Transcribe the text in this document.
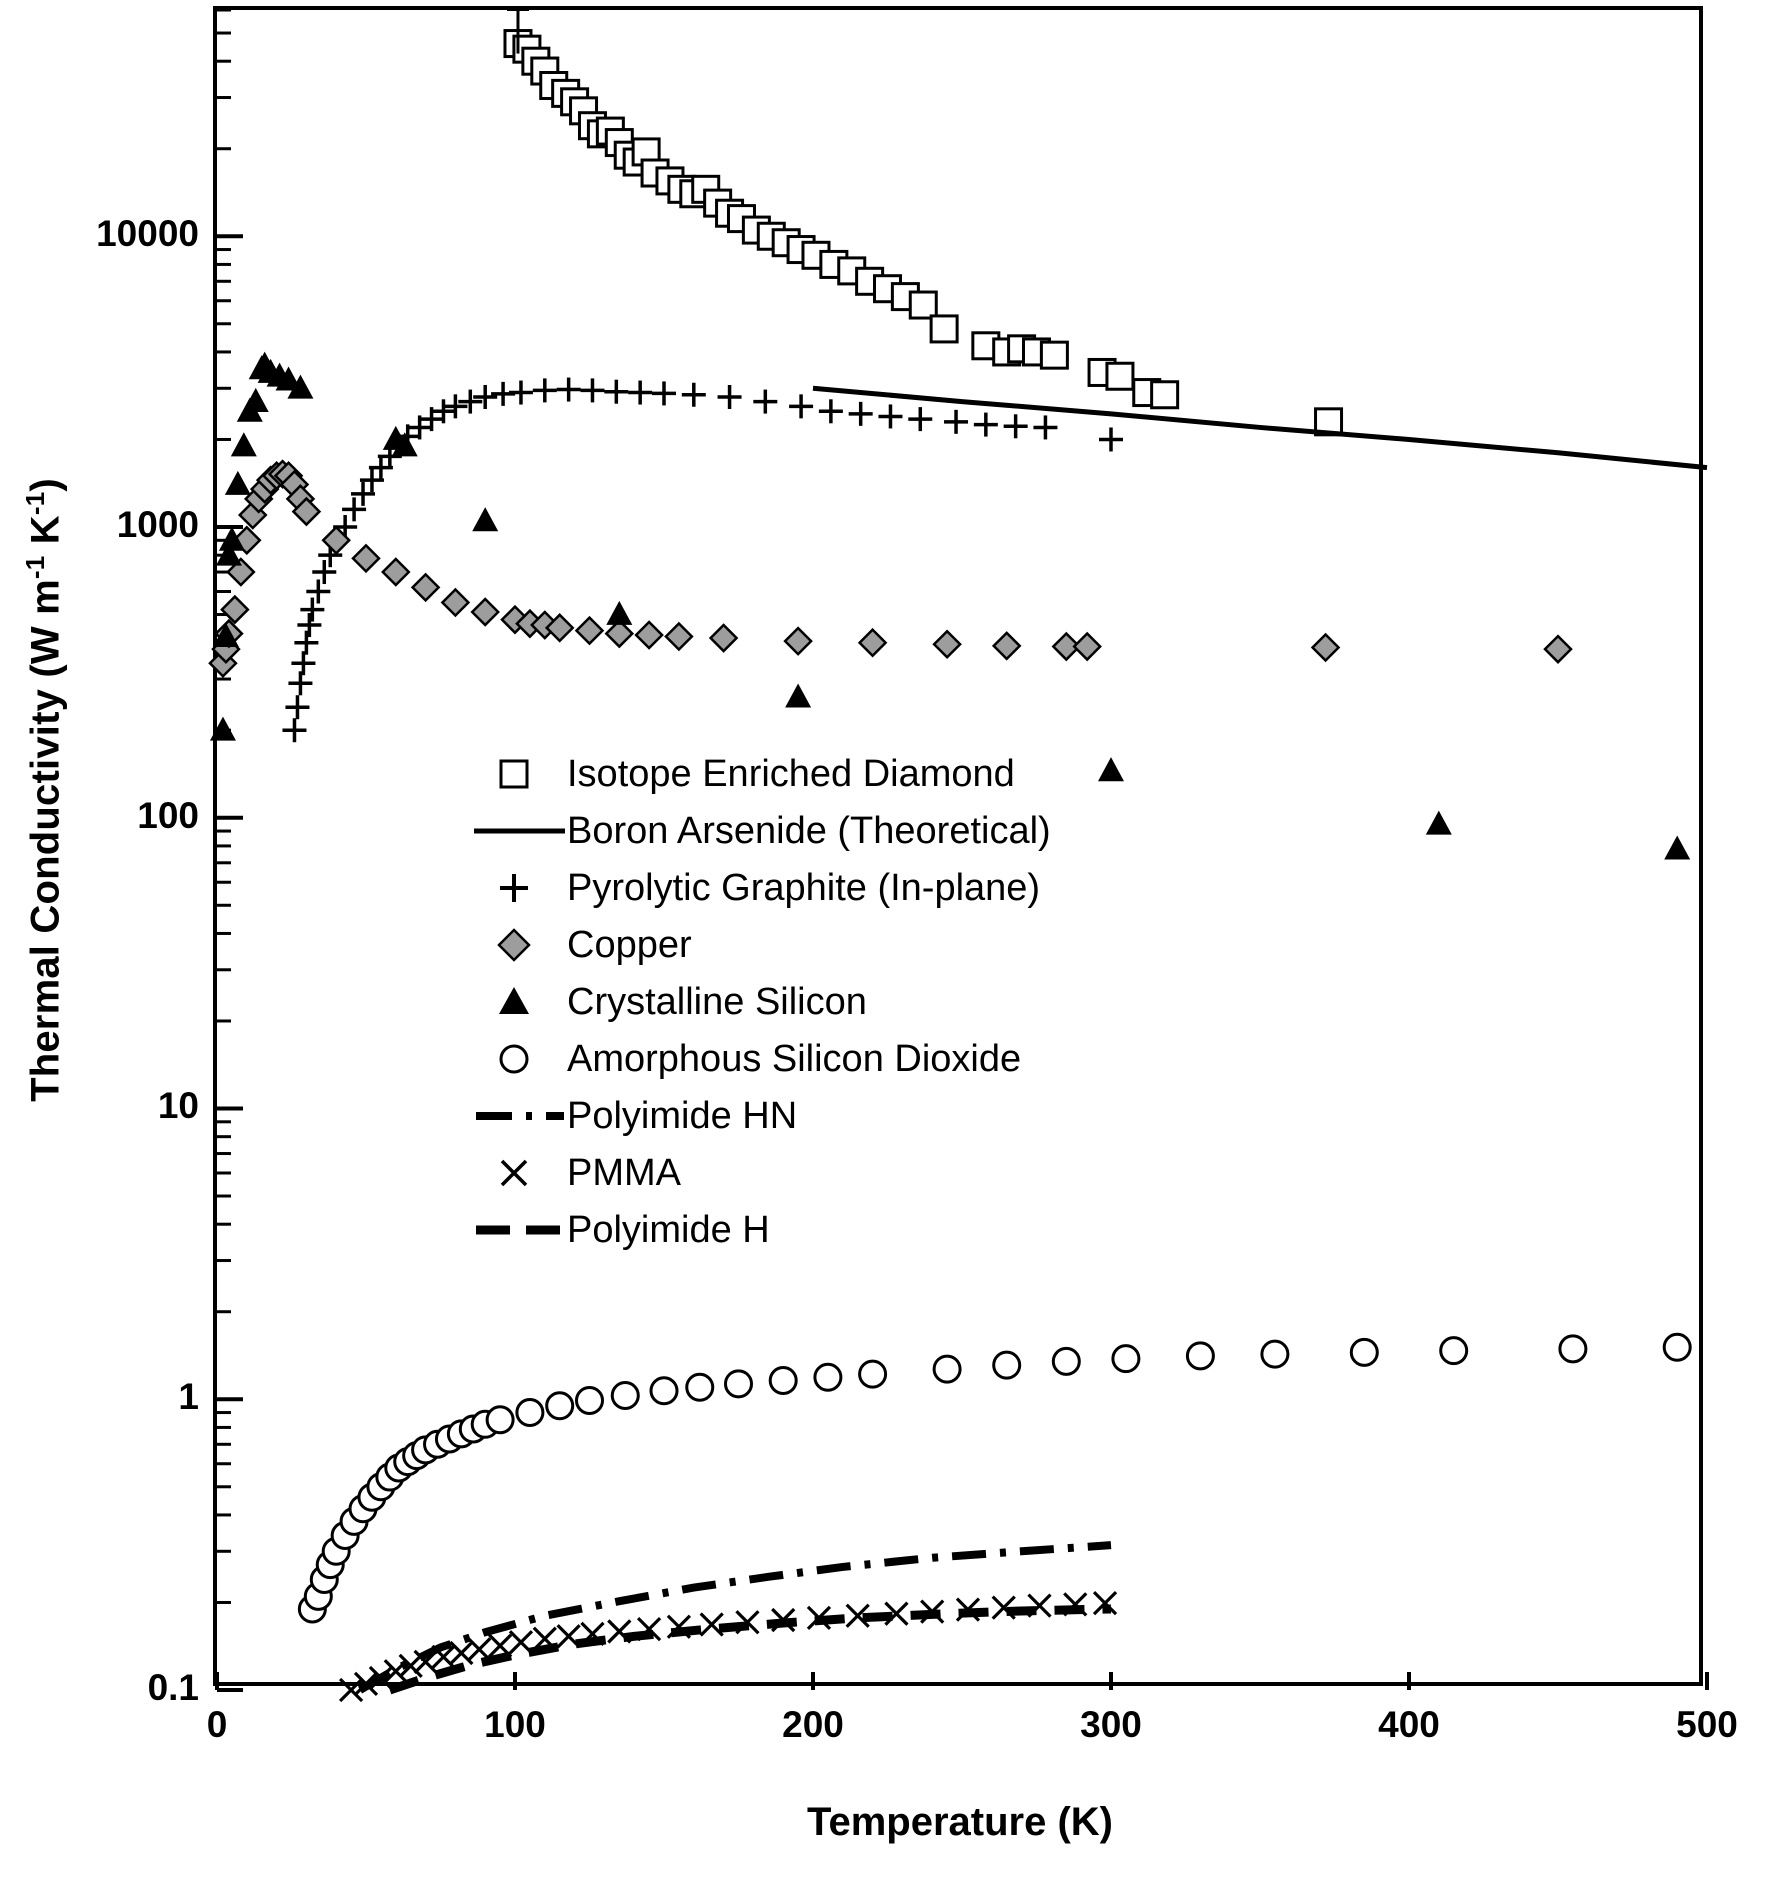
Thermal Conductivity (W $m^{-1}$ $K^{-1}$)
Temperature (K)
Isotope Enriched Diamond
Boron Arsenide (Theoretical)
Pyrolytic Graphite (In-plane)
Copper
Crystalline Silicon
Amorphous Silicon Dioxide
Polyimide HN
PMMA
Polyimide H
0	100	200	300	400	500
0.1
1
10
100
1000
10000
